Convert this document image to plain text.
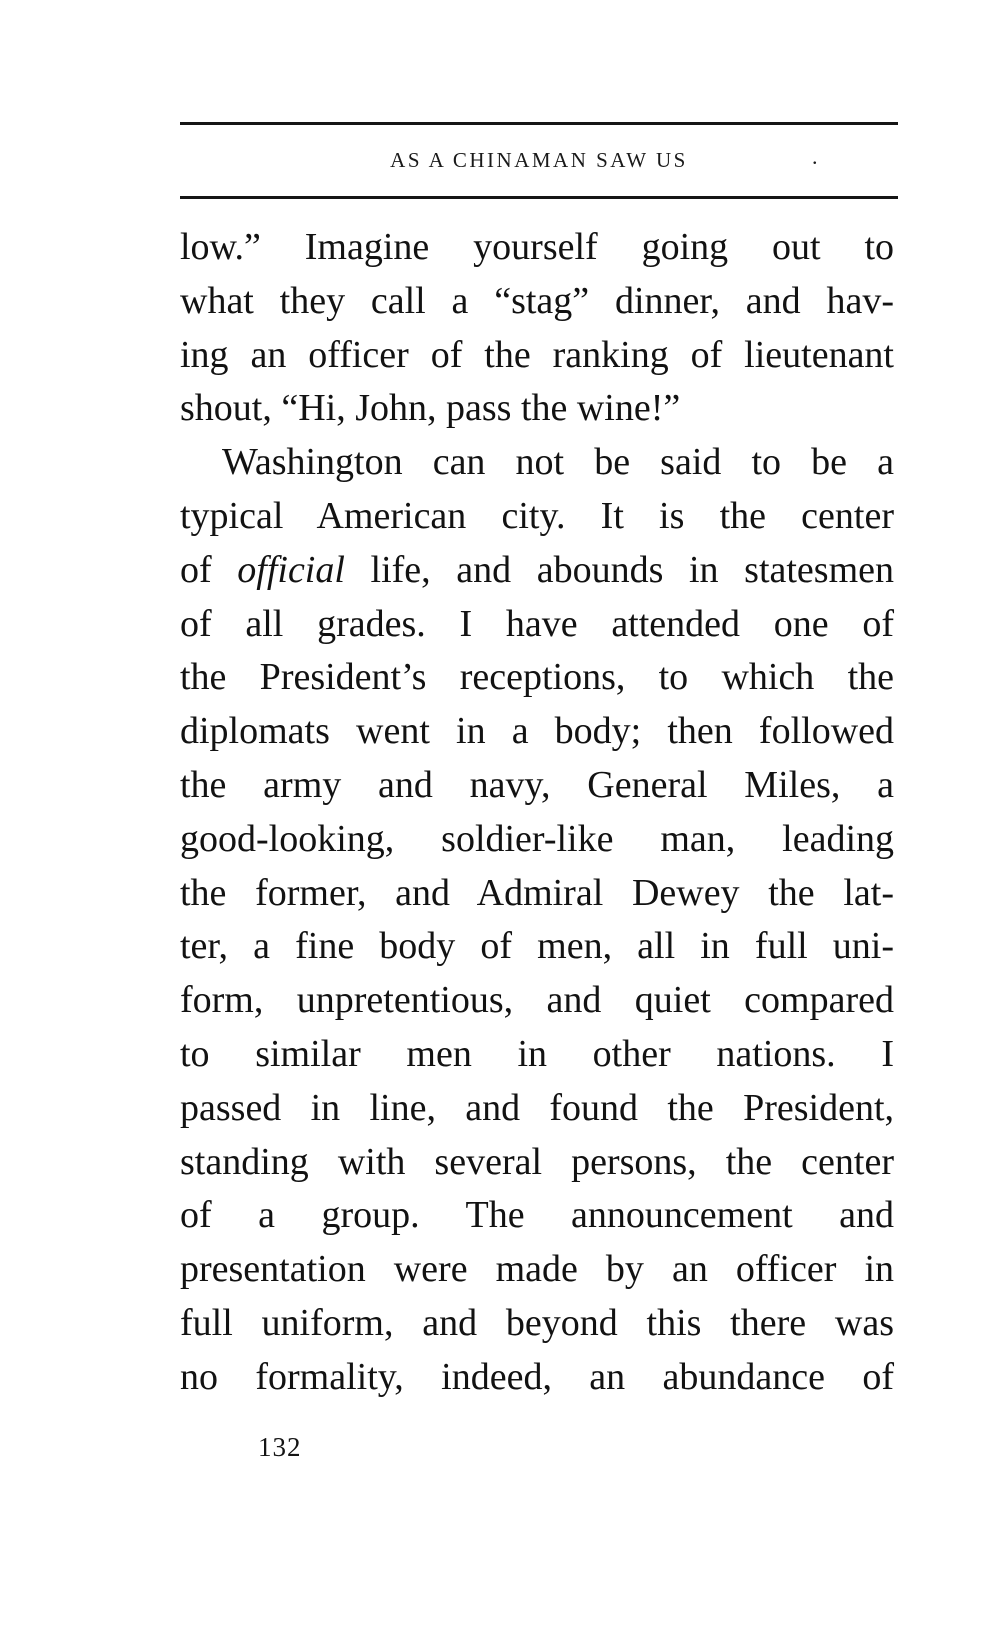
AS A CHINAMAN SAW US	.
low.” Imagine yourself going out to
what they call a “stag” dinner, and hav-
ing an officer of the ranking of lieutenant
shout, “Hi, John, pass the wine!”
Washington can not be said to be a
typical American city. It is the center
of official life, and abounds in statesmen
of all grades. I have attended one of
the President’s receptions, to which the
diplomats went in a body; then followed
the army and navy, General Miles, a
good-looking, soldier-like man, leading
the former, and Admiral Dewey the lat-
ter, a fine body of men, all in full uni-
form, unpretentious, and quiet compared
to similar men in other nations. I
passed in line, and found the President,
standing with several persons, the center
of a group. The announcement and
presentation were made by an officer in
full uniform, and beyond this there was
no formality, indeed, an abundance of
132
